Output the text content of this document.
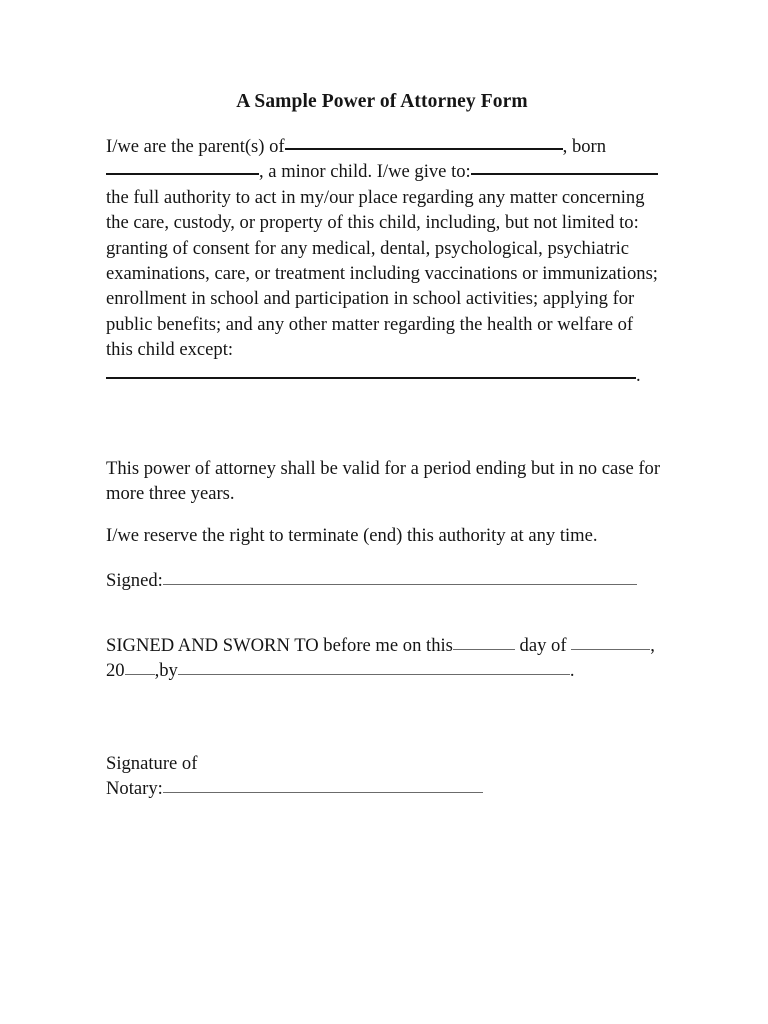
A Sample Power of Attorney Form

I/we are the parent(s) of	, born, a minor child. I/we give to:the full authority to act in my/our place regarding any matter concerning the care, custody, or property of this child, including, but not limited to: granting of consent for any medical, dental, psychological, psychiatric examinations, care, or treatment including vaccinations or immunizations; enrollment in school and participation in school activities; applying for public benefits; and any other matter regarding the health or welfare of this child except:.

This power of attorney shall be valid for a period ending but in no case for more three years.

I/we reserve the right to terminate (end) this authority at any time.

Signed:

SIGNED AND SWORN TO before me on this	day of	, 20 ,by	.

Signature of
Notary:
